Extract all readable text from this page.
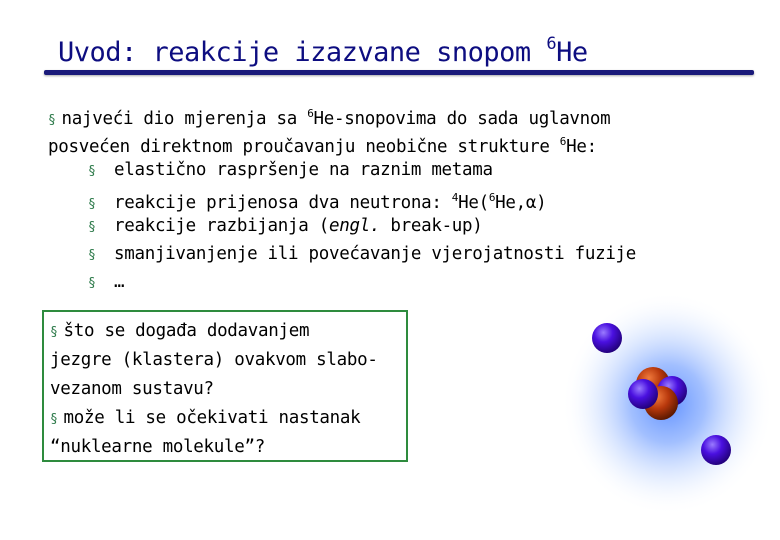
Uvod: reakcije izazvane snopom $^6$He
§ najveći dio mjerenja sa $^6$He-snopovima do sada uglavnom
posvećen direktnom proučavanju neobične strukture $^6$He:
§ elastično raspršenje na raznim metama
§ reakcije prijenosa dva neutrona: $^4$He($^6$He,α)
§ reakcije razbijanja (engl. break-up)
§ smanjivanjenje ili povećavanje vjerojatnosti fuzije
§ …
§ što se događa dodavanjem
jezgre (klastera) ovakvom slabo-
vezanom sustavu?
§ može li se očekivati nastanak
“nuklearne molekule”?
